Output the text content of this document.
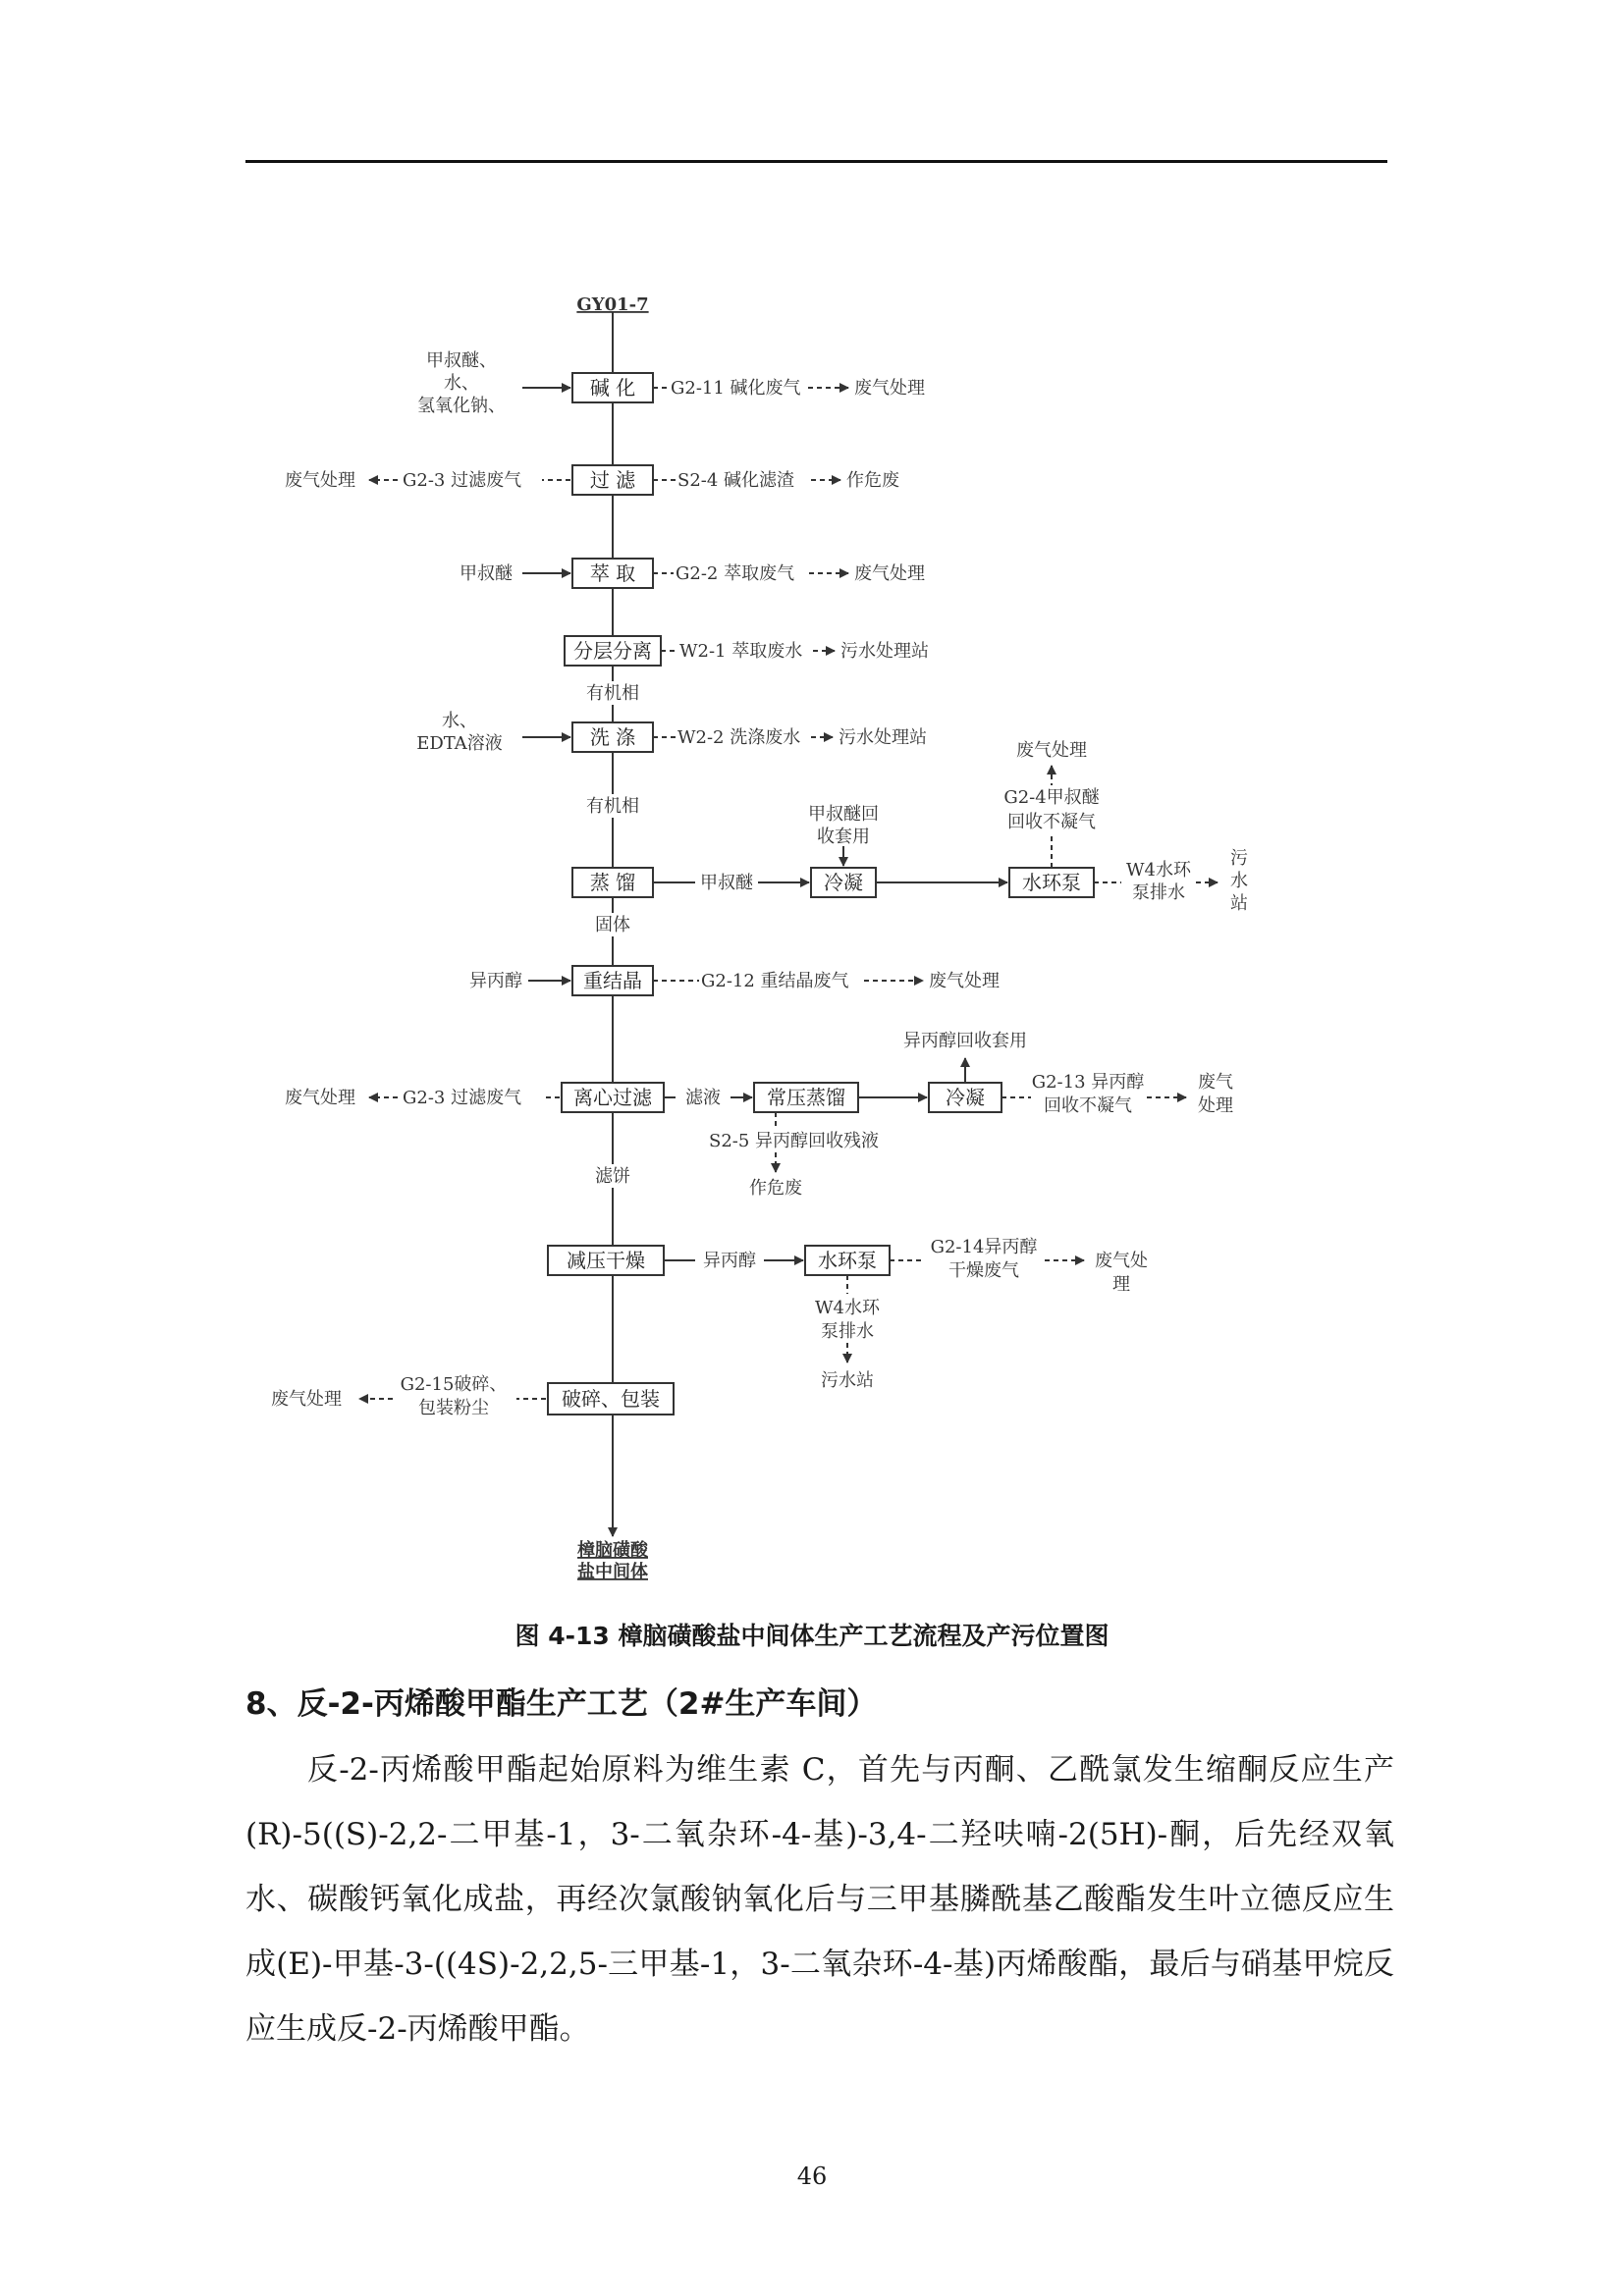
GY01-7
樟脑磺酸
盐中间体
碱 化
过 滤
萃 取
分层分离
洗 涤
蒸 馏
重结晶
离心过滤
减压干燥
破碎、包装
甲叔醚、
水、
氢氧化钠、
G2-11 碱化废气	废气处理
废气处理	G2-3 过滤废气	S2-4 碱化滤渣	作危废
甲叔醚	G2-2 萃取废气	废气处理
W2-1 萃取废水 污水处理站
有机相
水、
EDTA溶液	W2-2 洗涤废水 污水处理站
有机相
甲叔醚	冷凝
甲叔醚回
收套用
水环泵
废气处理
G2-4甲叔醚
回收不凝气
W4水环
泵排水
污
水
站
固体
异丙醇	G2-12 重结晶废气	废气处理
废气处理	G2-3 过滤废气	滤液 常压蒸馏	冷凝
异丙醇回收套用
G2-13 异丙醇
回收不凝气
废气
处理
S2-5 异丙醇回收残液
作危废
滤饼
异丙醇	水环泵
G2-14异丙醇
干燥废气	废气处
理
W4水环
泵排水
污水站
废气处理
G2-15破碎、
包装粉尘
图 4-13 樟脑磺酸盐中间体生产工艺流程及产污位置图
8、反-2-丙烯酸甲酯生产工艺（2#生产车间）

反-2-丙烯酸甲酯起始原料为维生素 C，首先与丙酮、乙酰氯发生缩酮反应生产(R)-5((S)-2,2-二甲基-1，3-二氧杂环-4-基)-3,4-二羟呋喃-2(5H)-酮，后先经双氧水、碳酸钙氧化成盐，再经次氯酸钠氧化后与三甲基膦酰基乙酸酯发生叶立德反应生成(E)-甲基-3-((4S)-2,2,5-三甲基-1，3-二氧杂环-4-基)丙烯酸酯，最后与硝基甲烷反应生成反-2-丙烯酸甲酯。

46
